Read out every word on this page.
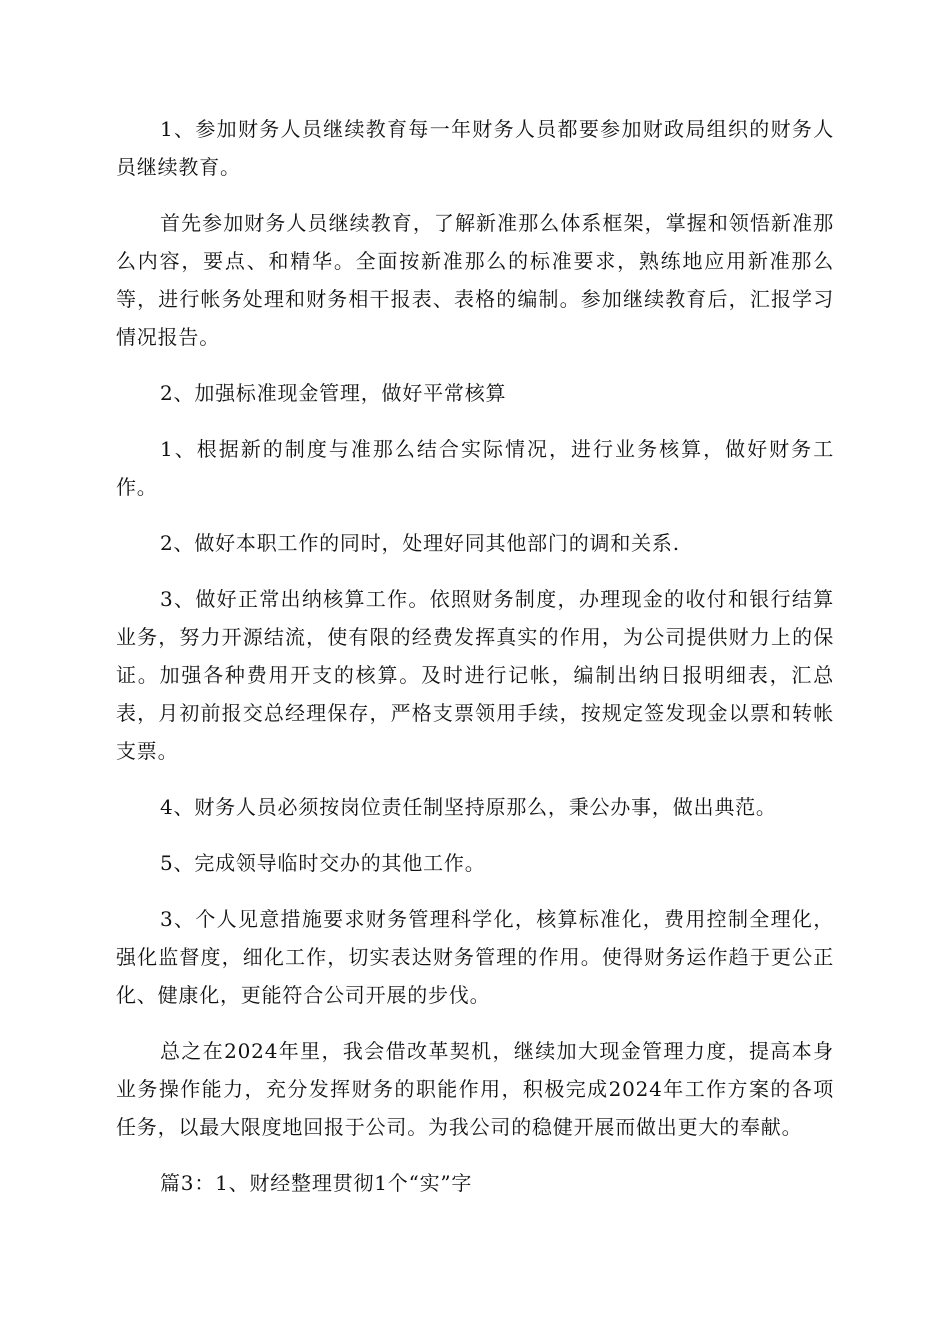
1、参加财务人员继续教育每一年财务人员都要参加财政局组织的财务人员继续教育。

首先参加财务人员继续教育，了解新准那么体系框架，掌握和领悟新准那么内容，要点、和精华。全面按新准那么的标准要求，熟练地应用新准那么等，进行帐务处理和财务相干报表、表格的编制。参加继续教育后，汇报学习情况报告。

2、加强标准现金管理，做好平常核算

1、根据新的制度与准那么结合实际情况，进行业务核算，做好财务工作。

2、做好本职工作的同时，处理好同其他部门的调和关系.

3、做好正常出纳核算工作。依照财务制度，办理现金的收付和银行结算业务，努力开源结流，使有限的经费发挥真实的作用，为公司提供财力上的保证。加强各种费用开支的核算。及时进行记帐，编制出纳日报明细表，汇总表，月初前报交总经理保存，严格支票领用手续，按规定签发现金以票和转帐支票。

4、财务人员必须按岗位责任制坚持原那么，秉公办事，做出典范。

5、完成领导临时交办的其他工作。

3、个人见意措施要求财务管理科学化，核算标准化，费用控制全理化，强化监督度，细化工作，切实表达财务管理的作用。使得财务运作趋于更公正化、健康化，更能符合公司开展的步伐。

总之在2024年里，我会借改革契机，继续加大现金管理力度，提高本身业务操作能力，充分发挥财务的职能作用，积极完成2024年工作方案的各项任务，以最大限度地回报于公司。为我公司的稳健开展而做出更大的奉献。

篇3：1、财经整理贯彻1个“实”字
